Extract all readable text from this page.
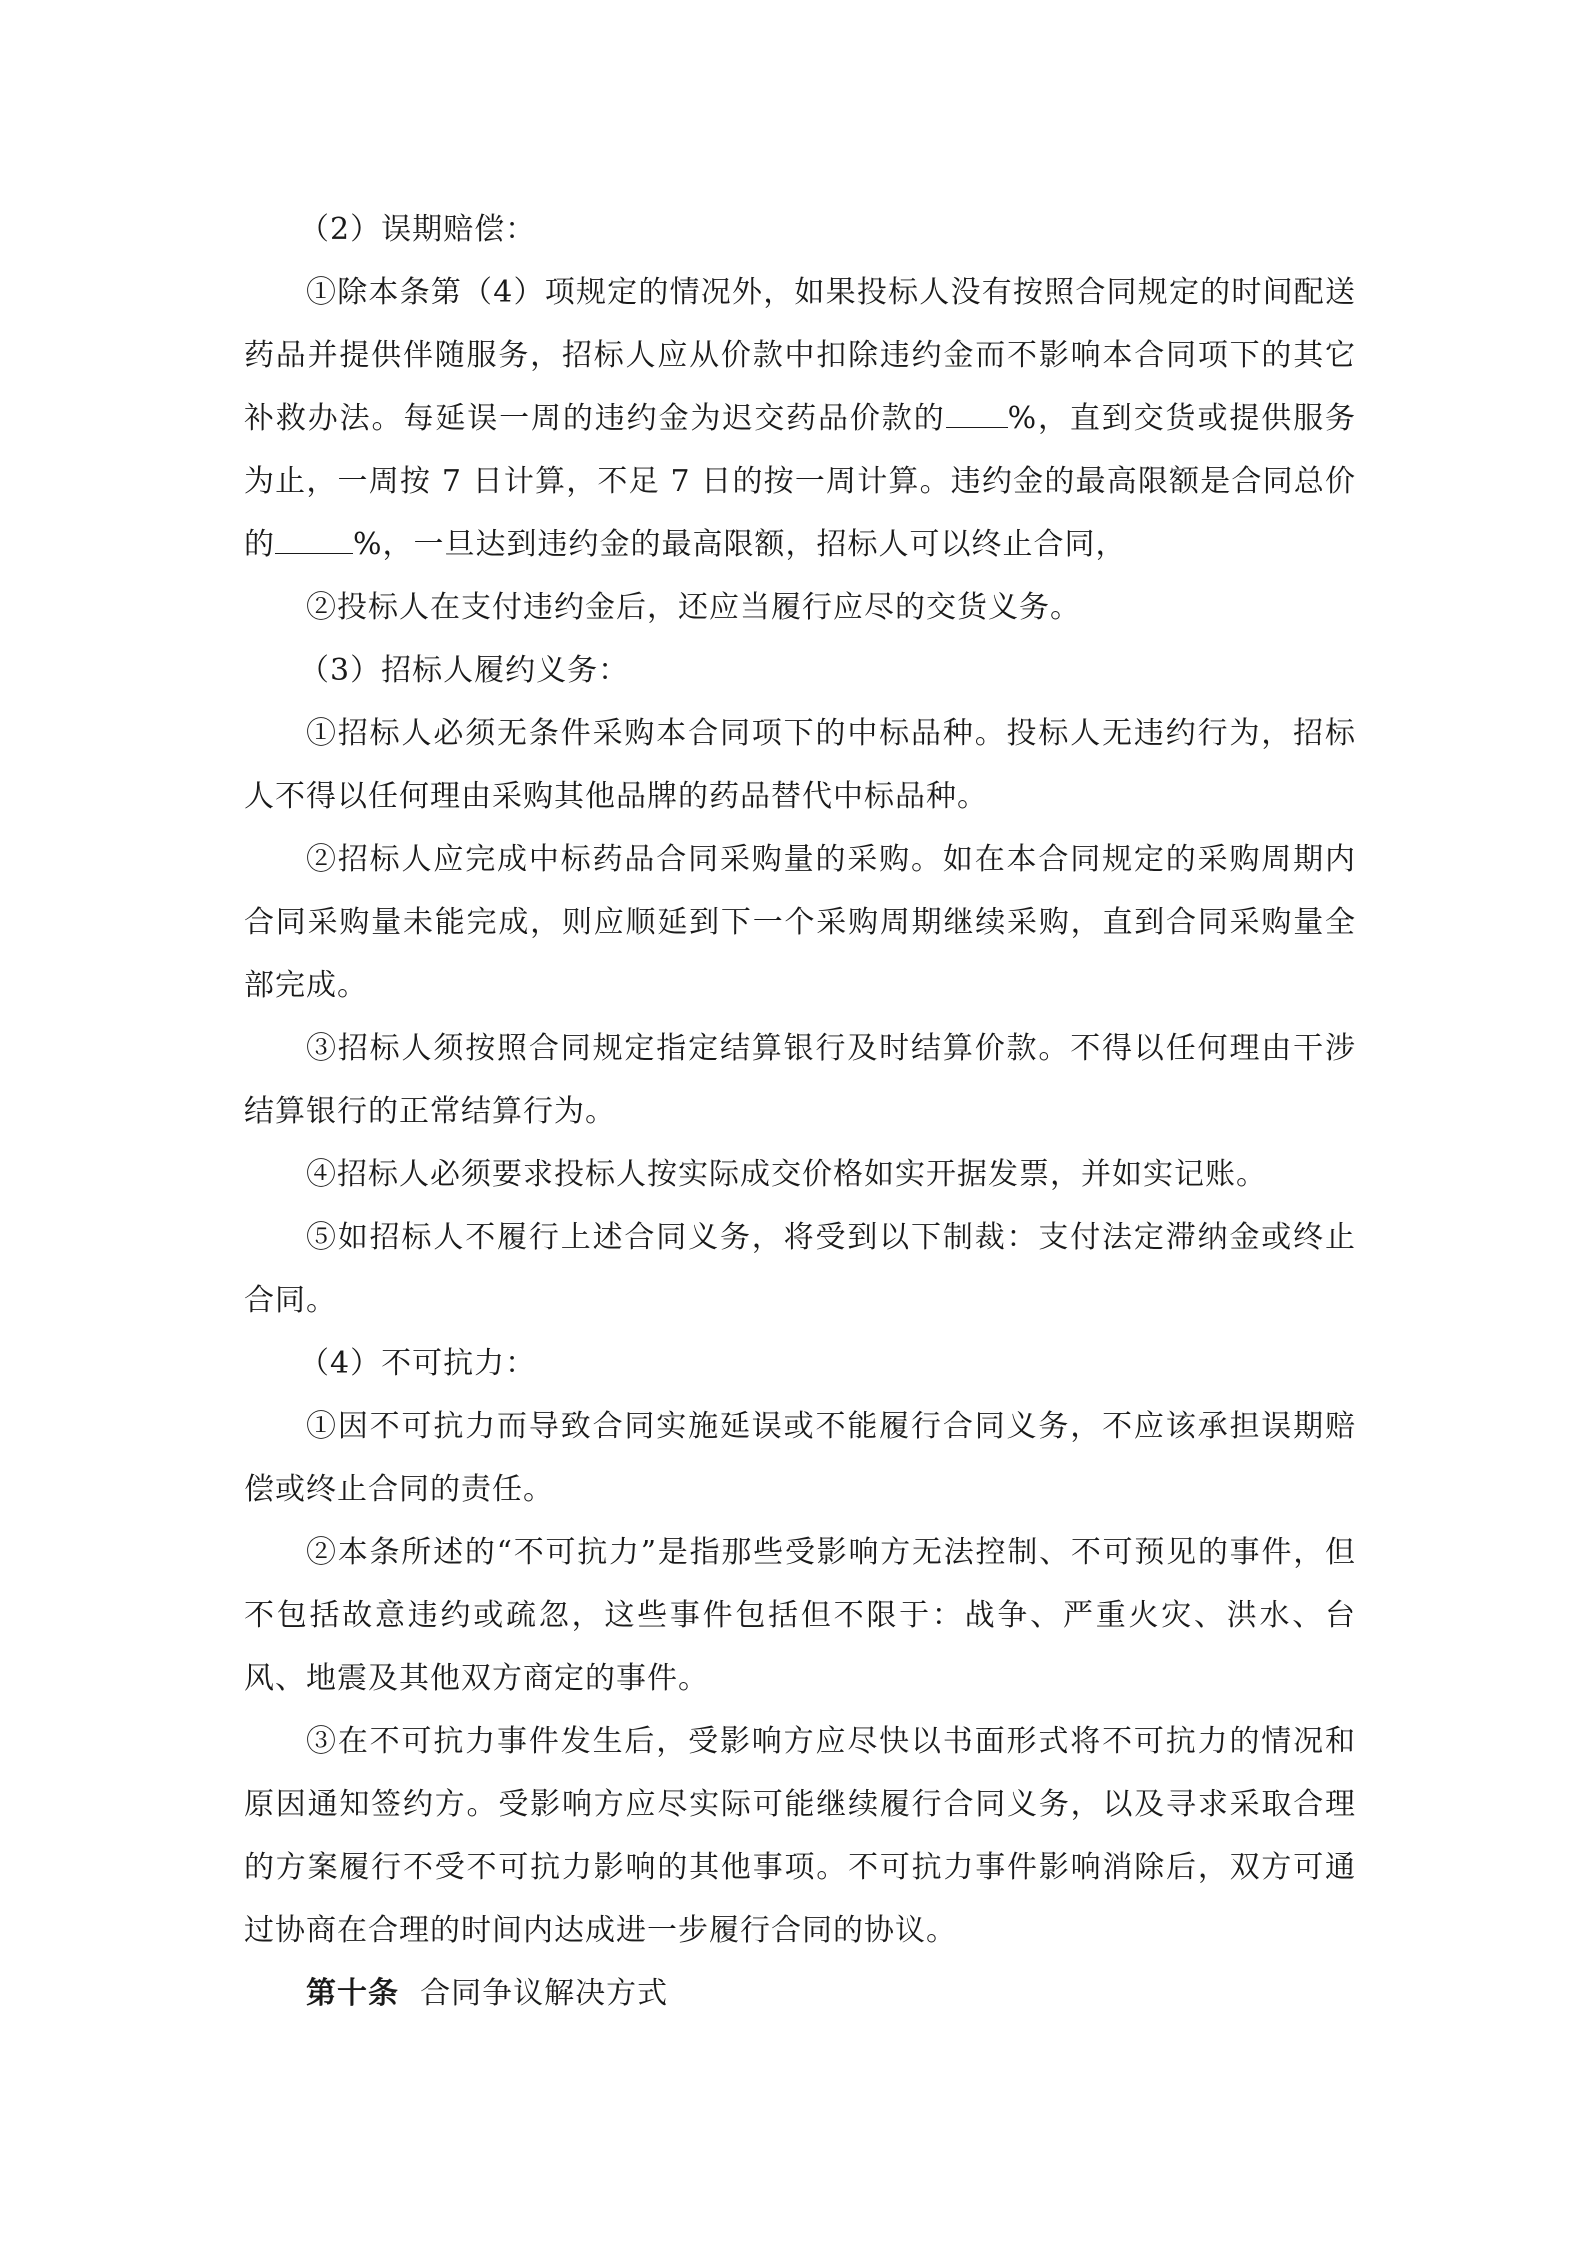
（2）误期赔偿：

①除本条第（4）项规定的情况外，如果投标人没有按照合同规定的时间配送药品并提供伴随服务，招标人应从价款中扣除违约金而不影响本合同项下的其它补救办法。每延误一周的违约金为迟交药品价款的 %，直到交货或提供服务为止，一周按 7 日计算，不足 7 日的按一周计算。违约金的最高限额是合同总价的	%，一旦达到违约金的最高限额，招标人可以终止合同，

②投标人在支付违约金后，还应当履行应尽的交货义务。

（3）招标人履约义务：

①招标人必须无条件采购本合同项下的中标品种。投标人无违约行为，招标人不得以任何理由采购其他品牌的药品替代中标品种。

②招标人应完成中标药品合同采购量的采购。如在本合同规定的采购周期内合同采购量未能完成，则应顺延到下一个采购周期继续采购，直到合同采购量全部完成。

③招标人须按照合同规定指定结算银行及时结算价款。不得以任何理由干涉结算银行的正常结算行为。

④招标人必须要求投标人按实际成交价格如实开据发票，并如实记账。

⑤如招标人不履行上述合同义务，将受到以下制裁：支付法定滞纳金或终止合同。

（4）不可抗力：

①因不可抗力而导致合同实施延误或不能履行合同义务，不应该承担误期赔偿或终止合同的责任。

②本条所述的“不可抗力”是指那些受影响方无法控制、不可预见的事件，但不包括故意违约或疏忽，这些事件包括但不限于：战争、严重火灾、洪水、台风、地震及其他双方商定的事件。

③在不可抗力事件发生后，受影响方应尽快以书面形式将不可抗力的情况和原因通知签约方。受影响方应尽实际可能继续履行合同义务，以及寻求采取合理的方案履行不受不可抗力影响的其他事项。不可抗力事件影响消除后，双方可通过协商在合理的时间内达成进一步履行合同的协议。

第十条 合同争议解决方式
